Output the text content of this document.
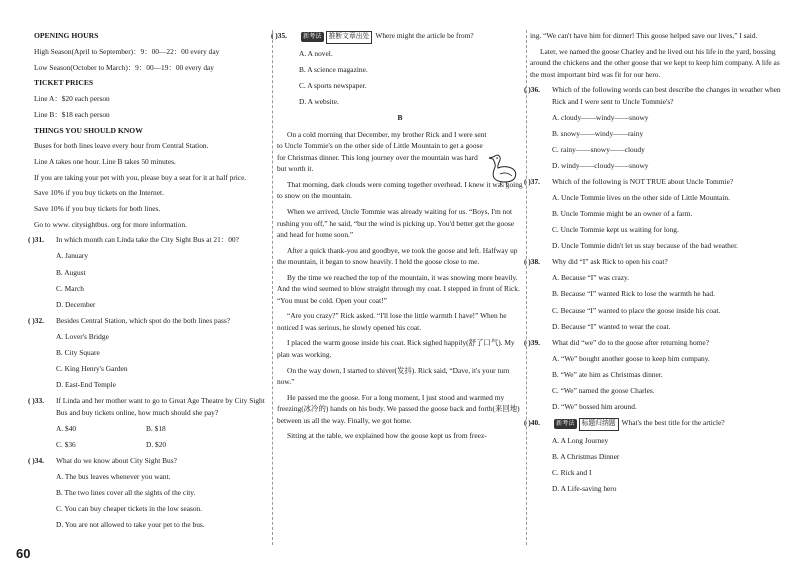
OPENING HOURS
High Season(April to September)：9：00—22：00 every day
Low Season(October to March)：9：00—19：00 every day
TICKET PRICES
Line A：$20 each person
Line B：$18 each person
THINGS YOU SHOULD KNOW
Buses for both lines leave every hour from Central Station.
Line A takes one hour. Line B takes 50 minutes.
If you are taking your pet with you, please buy a seat for it at half price.
Save 10% if you buy tickets on the Internet.
Save 10% if you buy tickets for both lines.
Go to www. citysightbus. org for more information.
( )31. In which month can Linda take the City Sight Bus at 21：00?
A. January
B. August
C. March
D. December
( )32. Besides Central Station, which spot do the both lines pass?
A. Lover's Bridge
B. City Square
C. King Henry's Garden
D. East-End Temple
( )33. If Linda and her mother want to go to Great Age Theatre by City Sight Bus and buy tickets online, how much should she pay?
A. $40	B. $18
C. $36	D. $20
( )34. What do we know about City Sight Bus?
A. The bus leaves whenever you want.
B. The two lines cover all the sights of the city.
C. You can buy cheaper tickets in the low season.
D. You are not allowed to take your pet to the bus.
( )35.	新考法 推断文章出处 Where might the article be from?
A. A novel.
B. A science magazine.
C. A sports newspaper.
D. A website.
B
On a cold morning that December, my brother Rick and I were sent to Uncle Tommie's on the other side of Little Mountain to get a goose for Christmas dinner. This long journey over the mountain was hard but worth it.
That morning, dark clouds were coming together overhead. I knew it was going to snow on the mountain.
When we arrived, Uncle Tommie was already waiting for us. “Boys, I'm not rushing you off,” he said, “but the wind is picking up. You'd better get the goose and head for home soon.”
After a quick thank-you and goodbye, we took the goose and left. Halfway up the mountain, it began to snow heavily. I held the goose close to me.
By the time we reached the top of the mountain, it was snowing more heavily. And the wind seemed to blow straight through my coat. I stepped in front of Rick. “You must be cold. Open your coat!”
“Are you crazy?” Rick asked. “I'll lose the little warmth I have!” When he noticed I was serious, he slowly opened his coat.
I placed the warm goose inside his coat. Rick sighed happily(舒了口气). My plan was working.
On the way down, I started to shiver(发抖). Rick said, “Dave, it's your turn now.”
He passed me the goose. For a long moment, I just stood and warmed my freezing(冰冷的) hands on his body. We passed the goose back and forth(来回地) between us all the way. Finally, we got home.
Sitting at the table, we explained how the goose kept us from freez-
ing. “We can't have him for dinner! This goose helped save our lives,” I said.
Later, we named the goose Charley and he lived out his life in the yard, bossing around the chickens and the other goose that we kept to keep him company. A life as the most important bird was fit for our hero.
( )36. Which of the following words can best describe the changes in weather when Rick and I were sent to Uncle Tommie's?
A. cloudy——windy——snowy
B. snowy——windy——rainy
C. rainy——snowy——cloudy
D. windy——cloudy——snowy
( )37. Which of the following is NOT TRUE about Uncle Tommie?
A. Uncle Tommie lives on the other side of Little Mountain.
B. Uncle Tommie might be an owner of a farm.
C. Uncle Tommie kept us waiting for long.
D. Uncle Tommie didn't let us stay because of the bad weather.
( )38. Why did “I” ask Rick to open his coat?
A. Because “I” was crazy.
B. Because “I” wanted Rick to lose the warmth he had.
C. Because “I” wanted to place the goose inside his coat.
D. Because “I” wanted to wear the coat.
( )39. What did “we” do to the goose after returning home?
A. “We” bought another goose to keep him company.
B. “We” ate him as Christmas dinner.
C. “We” named the goose Charles.
D. “We” bossed him around.
( )40.	新考法 标题归纳题 What's the best title for the article?
A. A Long Journey
B. A Christmas Dinner
C. Rick and I
D. A Life-saving hero
60
